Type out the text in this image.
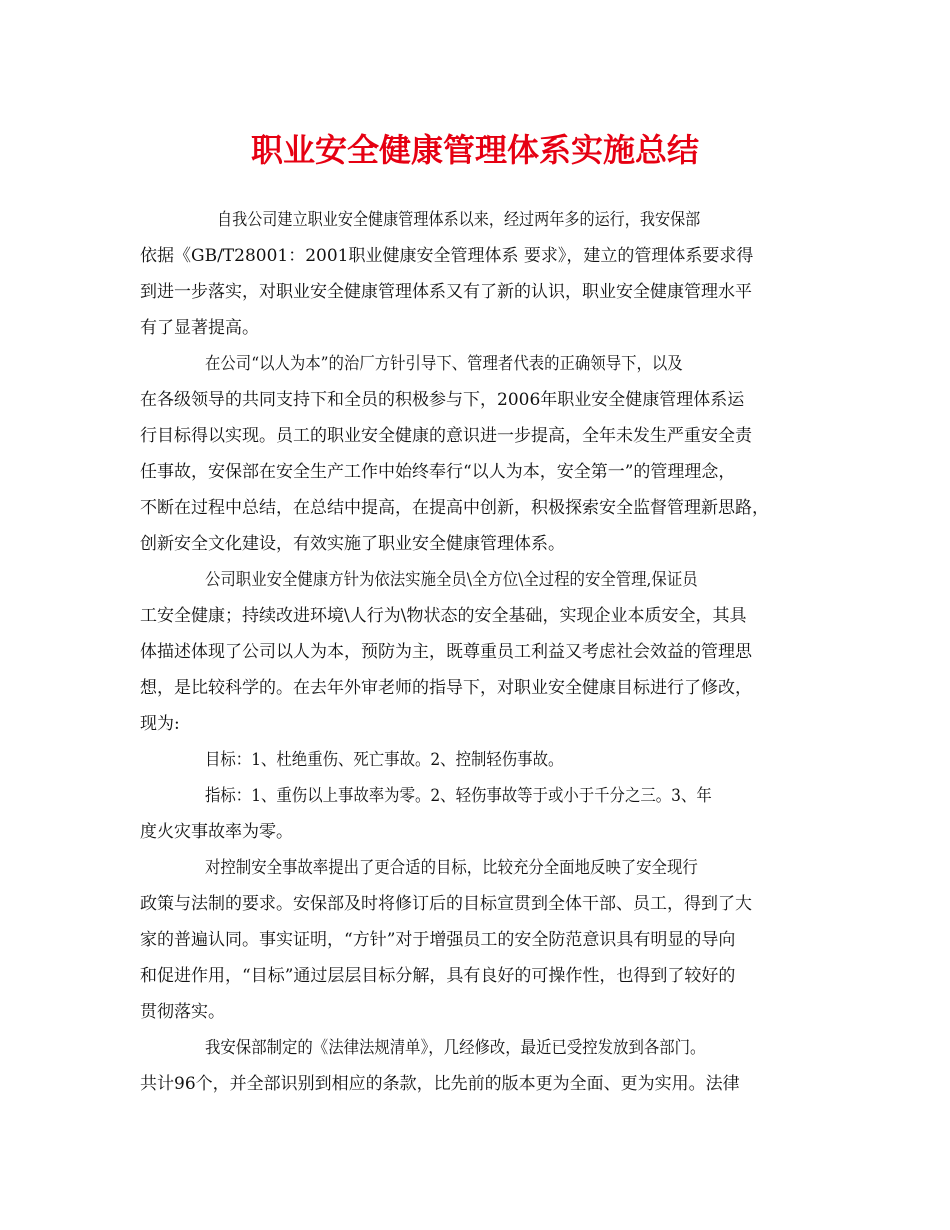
职业安全健康管理体系实施总结
自我公司建立职业安全健康管理体系以来，经过两年多的运行，我安保部
依据《GB/T28001：2001职业健康安全管理体系 要求》，建立的管理体系要求得
到进一步落实，对职业安全健康管理体系又有了新的认识，职业安全健康管理水平
有了显著提高。
在公司“以人为本”的治厂方针引导下、管理者代表的正确领导下，以及
在各级领导的共同支持下和全员的积极参与下，2006年职业安全健康管理体系运
行目标得以实现。员工的职业安全健康的意识进一步提高，全年未发生严重安全责
任事故，安保部在安全生产工作中始终奉行“以人为本，安全第一”的管理理念，
不断在过程中总结，在总结中提高，在提高中创新，积极探索安全监督管理新思路，
创新安全文化建设，有效实施了职业安全健康管理体系。
公司职业安全健康方针为依法实施全员\全方位\全过程的安全管理,保证员
工安全健康；持续改进环境\人行为\物状态的安全基础，实现企业本质安全，其具
体描述体现了公司以人为本，预防为主，既尊重员工利益又考虑社会效益的管理思
想，是比较科学的。在去年外审老师的指导下，对职业安全健康目标进行了修改，
现为:
目标：1、杜绝重伤、死亡事故。2、控制轻伤事故。
指标：1、重伤以上事故率为零。2、轻伤事故等于或小于千分之三。3、年
度火灾事故率为零。
对控制安全事故率提出了更合适的目标，比较充分全面地反映了安全现行
政策与法制的要求。安保部及时将修订后的目标宣贯到全体干部、员工，得到了大
家的普遍认同。事实证明，“方针”对于增强员工的安全防范意识具有明显的导向
和促进作用，“目标”通过层层目标分解，具有良好的可操作性，也得到了较好的
贯彻落实。
我安保部制定的《法律法规清单》，几经修改，最近已受控发放到各部门。
共计96个，并全部识别到相应的条款，比先前的版本更为全面、更为实用。法律
